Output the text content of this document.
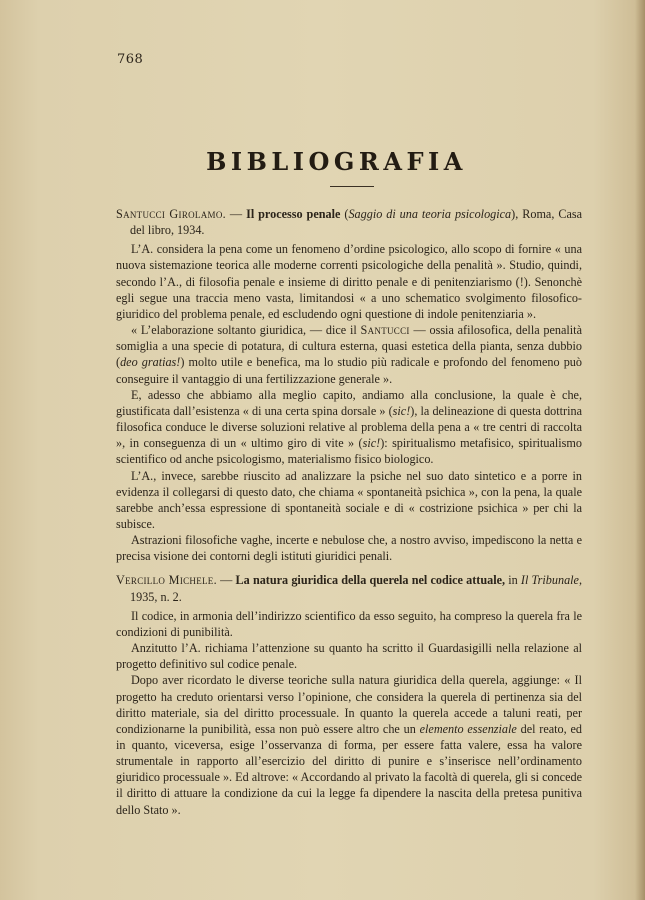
768
BIBLIOGRAFIA

Santucci Girolamo. — Il processo penale (Saggio di una teoria psicologica), Roma, Casa del libro, 1934.

L’A. considera la pena come un fenomeno d’ordine psicologico, allo scopo di fornire « una nuova sistemazione teorica alle moderne correnti psicologiche della penalità ». Studio, quindi, secondo l’A., di filosofia penale e insieme di diritto penale e di penitenziarismo (!). Senonchè egli segue una traccia meno vasta, limitandosi « a uno schematico svolgimento filosofico-giuridico del problema penale, ed escludendo ogni questione di indole penitenziaria ».

« L’elaborazione soltanto giuridica, — dice il Santucci — ossia afilosofica, della penalità somiglia a una specie di potatura, di cultura esterna, quasi estetica della pianta, senza dubbio (deo gratias!) molto utile e benefica, ma lo studio più radicale e profondo del fenomeno può conseguire il vantaggio di una fertilizzazione generale ».

E, adesso che abbiamo alla meglio capito, andiamo alla conclusione, la quale è che, giustificata dall’esistenza « di una certa spina dorsale » (sic!), la delineazione di questa dottrina filosofica conduce le diverse soluzioni relative al problema della pena a « tre centri di raccolta », in conseguenza di un « ultimo giro di vite » (sic!): spiritualismo metafisico, spiritualismo scientifico od anche psicologismo, materialismo fisico biologico.

L’A., invece, sarebbe riuscito ad analizzare la psiche nel suo dato sintetico e a porre in evidenza il collegarsi di questo dato, che chiama « spontaneità psichica », con la pena, la quale sarebbe anch’essa espressione di spontaneità sociale e di « costrizione psichica » per chi la subisce.

Astrazioni filosofiche vaghe, incerte e nebulose che, a nostro avviso, impediscono la netta e precisa visione dei contorni degli istituti giuridici penali.

Vercillo Michele. — La natura giuridica della querela nel codice attuale, in Il Tribunale, 1935, n. 2.

Il codice, in armonia dell’indirizzo scientifico da esso seguito, ha compreso la querela fra le condizioni di punibilità.

Anzitutto l’A. richiama l’attenzione su quanto ha scritto il Guardasigilli nella relazione al progetto definitivo sul codice penale.

Dopo aver ricordato le diverse teoriche sulla natura giuridica della querela, aggiunge: « Il progetto ha creduto orientarsi verso l’opinione, che considera la querela di pertinenza sia del diritto materiale, sia del diritto processuale. In quanto la querela accede a taluni reati, per condizionarne la punibilità, essa non può essere altro che un elemento essenziale del reato, ed in quanto, viceversa, esige l’osservanza di forma, per essere fatta valere, essa ha valore strumentale in rapporto all’esercizio del diritto di punire e s’inserisce nell’ordinamento giuridico processuale ». Ed altrove: « Accordando al privato la facoltà di querela, gli si concede il diritto di attuare la condizione da cui la legge fa dipendere la nascita della pretesa punitiva dello Stato ».
